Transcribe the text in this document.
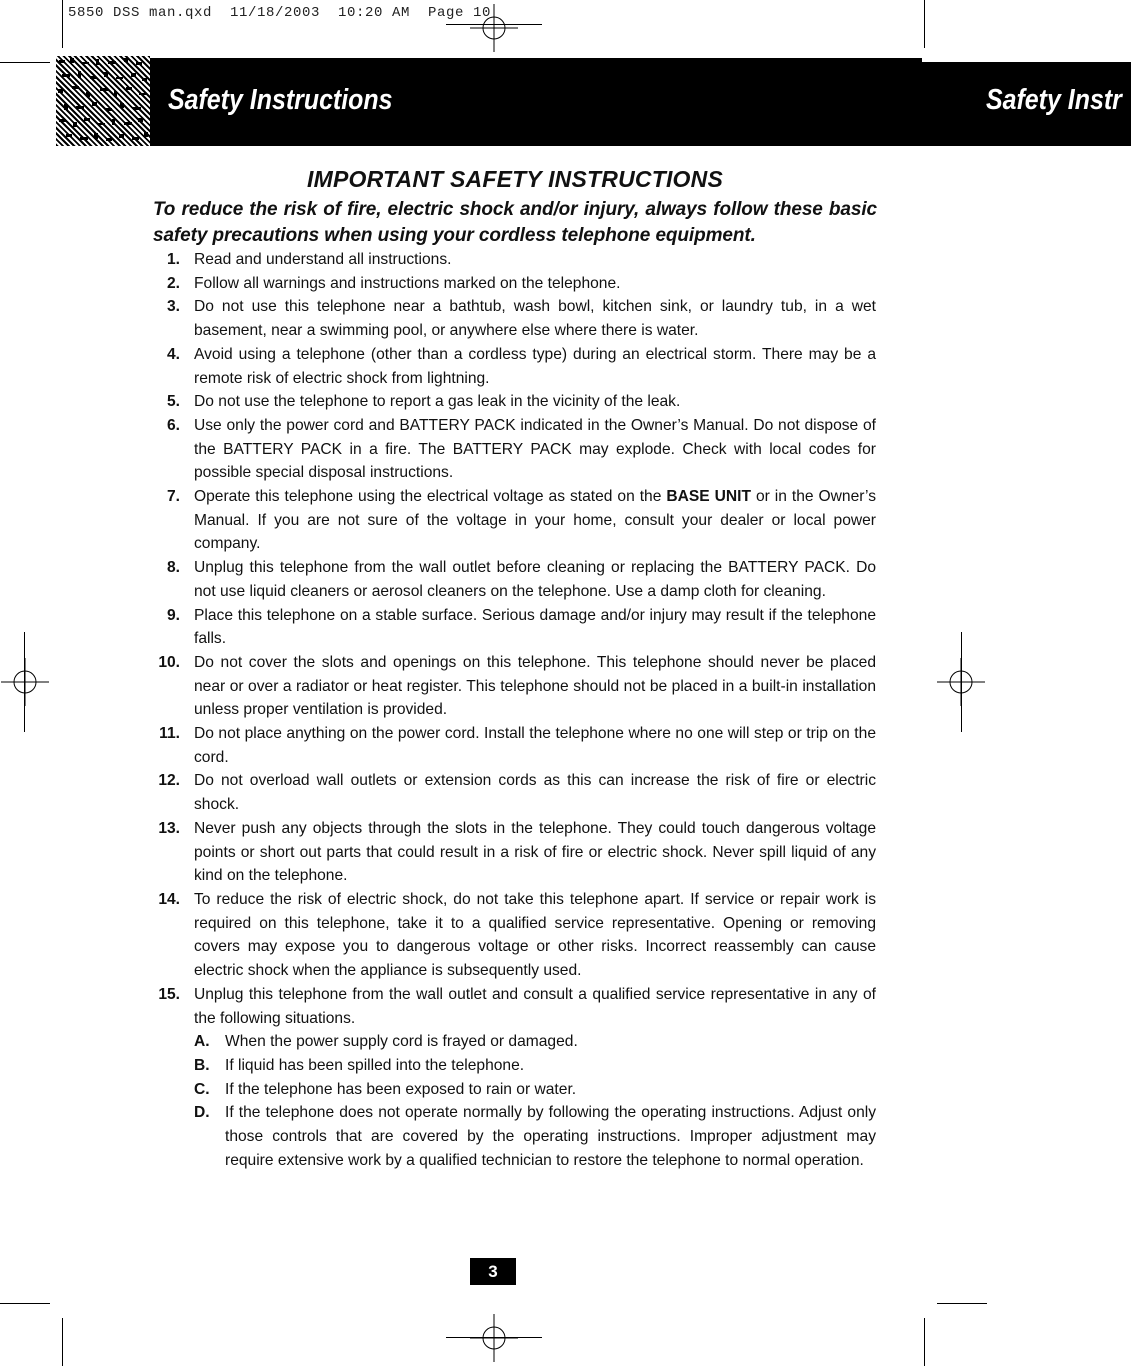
5850 DSS man.qxd  11/18/2003  10:20 AM  Page 10
Safety Instructions	Safety Instr
IMPORTANT SAFETY INSTRUCTIONS
To reduce the risk of fire, electric shock and/or injury, always follow these basic safety precautions when using your cordless telephone equipment.
1. Read and understand all instructions.
2. Follow all warnings and instructions marked on the telephone.
3. Do not use this telephone near a bathtub, wash bowl, kitchen sink, or laundry tub, in a wet basement, near a swimming pool, or anywhere else where there is water.
4. Avoid using a telephone (other than a cordless type) during an electrical storm. There may be a remote risk of electric shock from lightning.
5. Do not use the telephone to report a gas leak in the vicinity of the leak.
6. Use only the power cord and BATTERY PACK indicated in the Owner’s Manual. Do not dispose of the BATTERY PACK in a fire. The BATTERY PACK may explode. Check with local codes for possible special disposal instructions.
7. Operate this telephone using the electrical voltage as stated on the BASE UNIT or in the Owner’s Manual. If you are not sure of the voltage in your home, consult your dealer or local power company.
8. Unplug this telephone from the wall outlet before cleaning or replacing the BATTERY PACK. Do not use liquid cleaners or aerosol cleaners on the telephone. Use a damp cloth for cleaning.
9. Place this telephone on a stable surface. Serious damage and/or injury may result if the telephone falls.
10. Do not cover the slots and openings on this telephone. This telephone should never be placed near or over a radiator or heat register. This telephone should not be placed in a built-in installation unless proper ventilation is provided.
11. Do not place anything on the power cord. Install the telephone where no one will step or trip on the cord.
12. Do not overload wall outlets or extension cords as this can increase the risk of fire or electric shock.
13. Never push any objects through the slots in the telephone. They could touch dangerous voltage points or short out parts that could result in a risk of fire or electric shock. Never spill liquid of any kind on the telephone.
14. To reduce the risk of electric shock, do not take this telephone apart. If service or repair work is required on this telephone, take it to a qualified service representative. Opening or removing covers may expose you to dangerous voltage or other risks. Incorrect reassembly can cause electric shock when the appliance is subsequently used.
15. Unplug this telephone from the wall outlet and consult a qualified service representative in any of the following situations.
A. When the power supply cord is frayed or damaged.
B. If liquid has been spilled into the telephone.
C. If the telephone has been exposed to rain or water.
D. If the telephone does not operate normally by following the operating instructions. Adjust only those controls that are covered by the operating instructions. Improper adjustment may require extensive work by a qualified technician to restore the telephone to normal operation.
3
